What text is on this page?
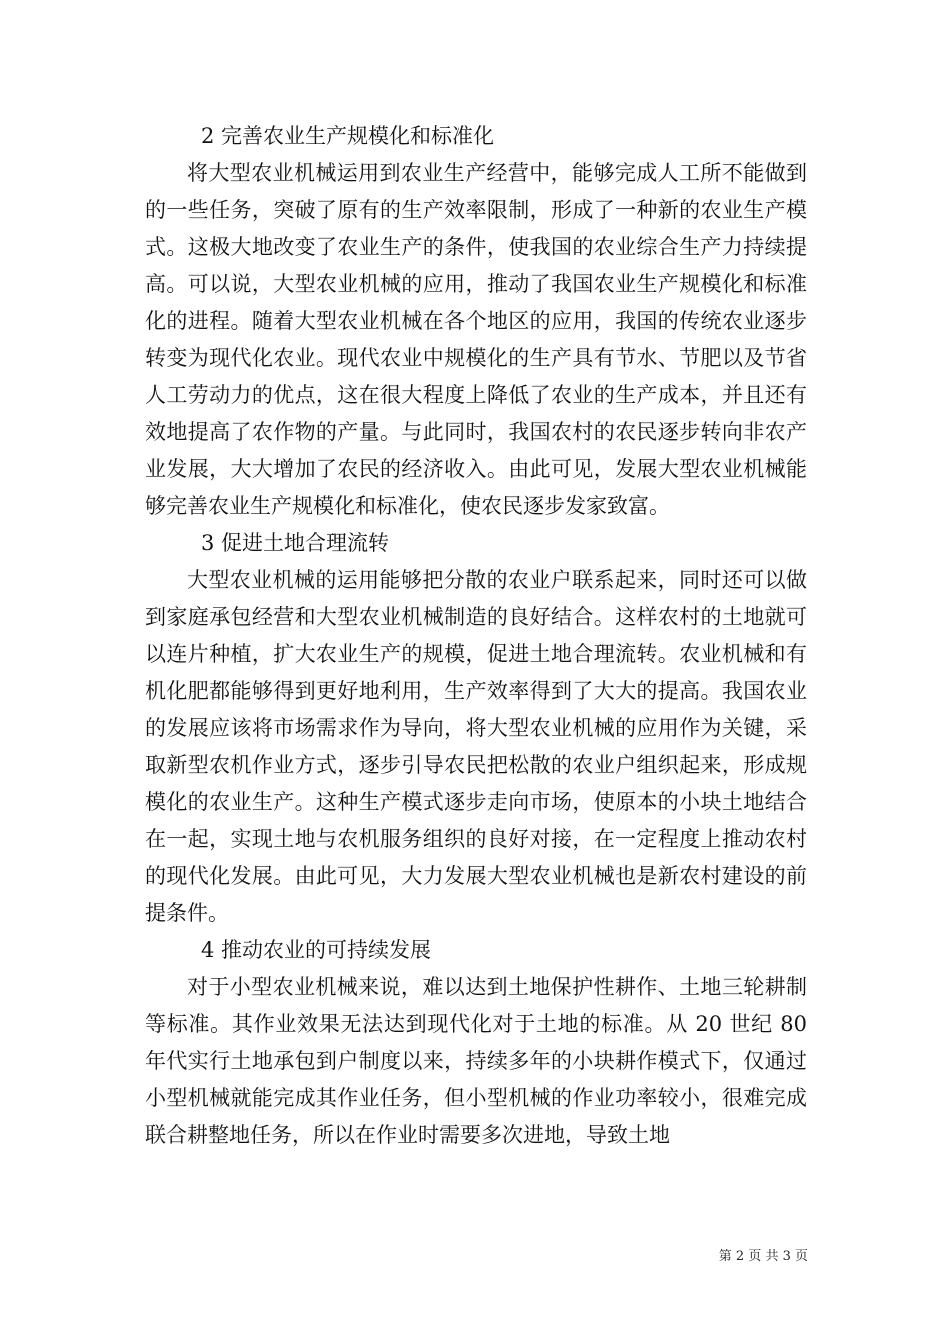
2 完善农业生产规模化和标准化

将大型农业机械运用到农业生产经营中，能够完成人工所不能做到的一些任务，突破了原有的生产效率限制，形成了一种新的农业生产模式。这极大地改变了农业生产的条件，使我国的农业综合生产力持续提高。可以说，大型农业机械的应用，推动了我国农业生产规模化和标准化的进程。随着大型农业机械在各个地区的应用，我国的传统农业逐步转变为现代化农业。现代农业中规模化的生产具有节水、节肥以及节省人工劳动力的优点，这在很大程度上降低了农业的生产成本，并且还有效地提高了农作物的产量。与此同时，我国农村的农民逐步转向非农产业发展，大大增加了农民的经济收入。由此可见，发展大型农业机械能够完善农业生产规模化和标准化，使农民逐步发家致富。

3 促进土地合理流转

大型农业机械的运用能够把分散的农业户联系起来，同时还可以做到家庭承包经营和大型农业机械制造的良好结合。这样农村的土地就可以连片种植，扩大农业生产的规模，促进土地合理流转。农业机械和有机化肥都能够得到更好地利用，生产效率得到了大大的提高。我国农业的发展应该将市场需求作为导向，将大型农业机械的应用作为关键，采取新型农机作业方式，逐步引导农民把松散的农业户组织起来，形成规模化的农业生产。这种生产模式逐步走向市场，使原本的小块土地结合在一起，实现土地与农机服务组织的良好对接，在一定程度上推动农村的现代化发展。由此可见，大力发展大型农业机械也是新农村建设的前提条件。

4 推动农业的可持续发展

对于小型农业机械来说，难以达到土地保护性耕作、土地三轮耕制等标准。其作业效果无法达到现代化对于土地的标准。从 20 世纪 80 年代实行土地承包到户制度以来，持续多年的小块耕作模式下，仅通过小型机械就能完成其作业任务，但小型机械的作业功率较小，很难完成联合耕整地任务，所以在作业时需要多次进地，导致土地

第 2 页 共 3 页
